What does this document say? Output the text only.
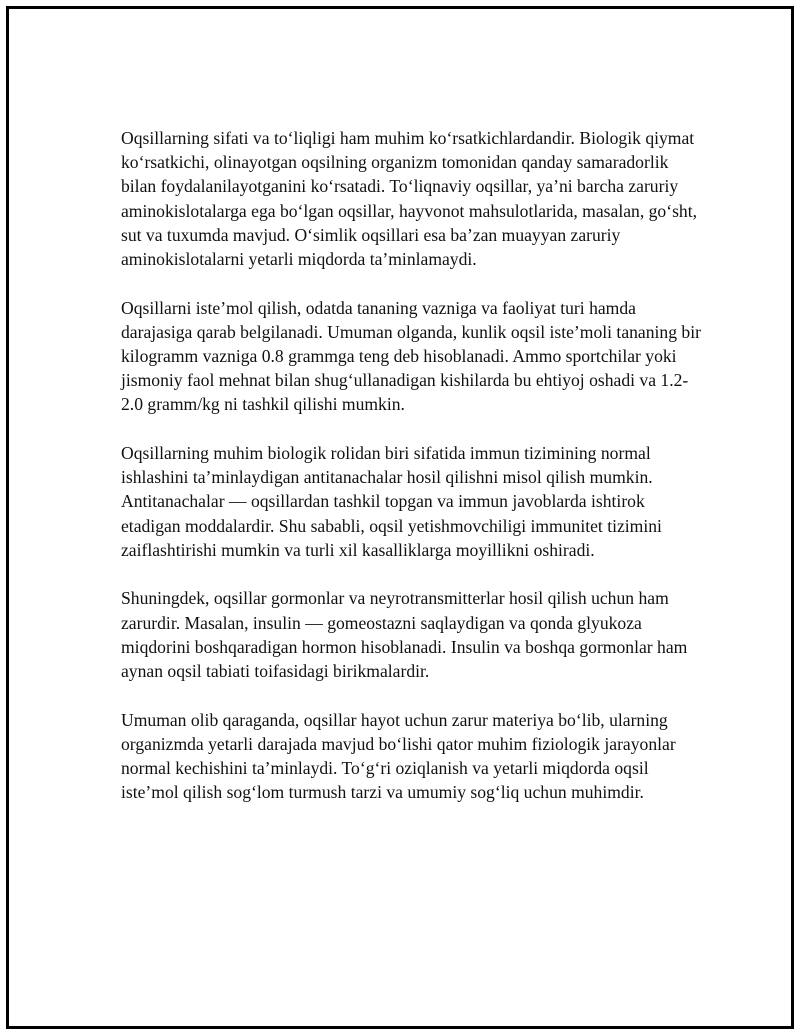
Oqsillarning sifati va toʻliqligi ham muhim koʻrsatkichlardandir. Biologik qiymat koʻrsatkichi, olinayotgan oqsilning organizm tomonidan qanday samaradorlik bilan foydalanilayotganini koʻrsatadi. Toʻliqnaviy oqsillar, yaʼni barcha zaruriy aminokislotalarga ega boʻlgan oqsillar, hayvonot mahsulotlarida, masalan, goʻsht, sut va tuxumda mavjud. Oʻsimlik oqsillari esa baʼzan muayyan zaruriy aminokislotalarni yetarli miqdorda taʼminlamaydi.

Oqsillarni isteʼmol qilish, odatda tananing vazniga va faoliyat turi hamda darajasiga qarab belgilanadi. Umuman olganda, kunlik oqsil isteʼmoli tananing bir kilogramm vazniga 0.8 grammga teng deb hisoblanadi. Ammo sportchilar yoki jismoniy faol mehnat bilan shugʻullanadigan kishilarda bu ehtiyoj oshadi va 1.2-2.0 gramm/kg ni tashkil qilishi mumkin.

Oqsillarning muhim biologik rolidan biri sifatida immun tizimining normal ishlashini taʼminlaydigan antitanachalar hosil qilishni misol qilish mumkin. Antitanachalar — oqsillardan tashkil topgan va immun javoblarda ishtirok etadigan moddalardir. Shu sababli, oqsil yetishmovchiligi immunitet tizimini zaiflashtirishi mumkin va turli xil kasalliklarga moyillikni oshiradi.

Shuningdek, oqsillar gormonlar va neyrotransmitterlar hosil qilish uchun ham zarurdir. Masalan, insulin — gomeostazni saqlaydigan va qonda glyukoza miqdorini boshqaradigan hormon hisoblanadi. Insulin va boshqa gormonlar ham aynan oqsil tabiati toifasidagi birikmalardir.

Umuman olib qaraganda, oqsillar hayot uchun zarur materiya boʻlib, ularning organizmda yetarli darajada mavjud boʻlishi qator muhim fiziologik jarayonlar normal kechishini taʼminlaydi. Toʻgʻri oziqlanish va yetarli miqdorda oqsil isteʼmol qilish sogʻlom turmush tarzi va umumiy sogʻliq uchun muhimdir.
